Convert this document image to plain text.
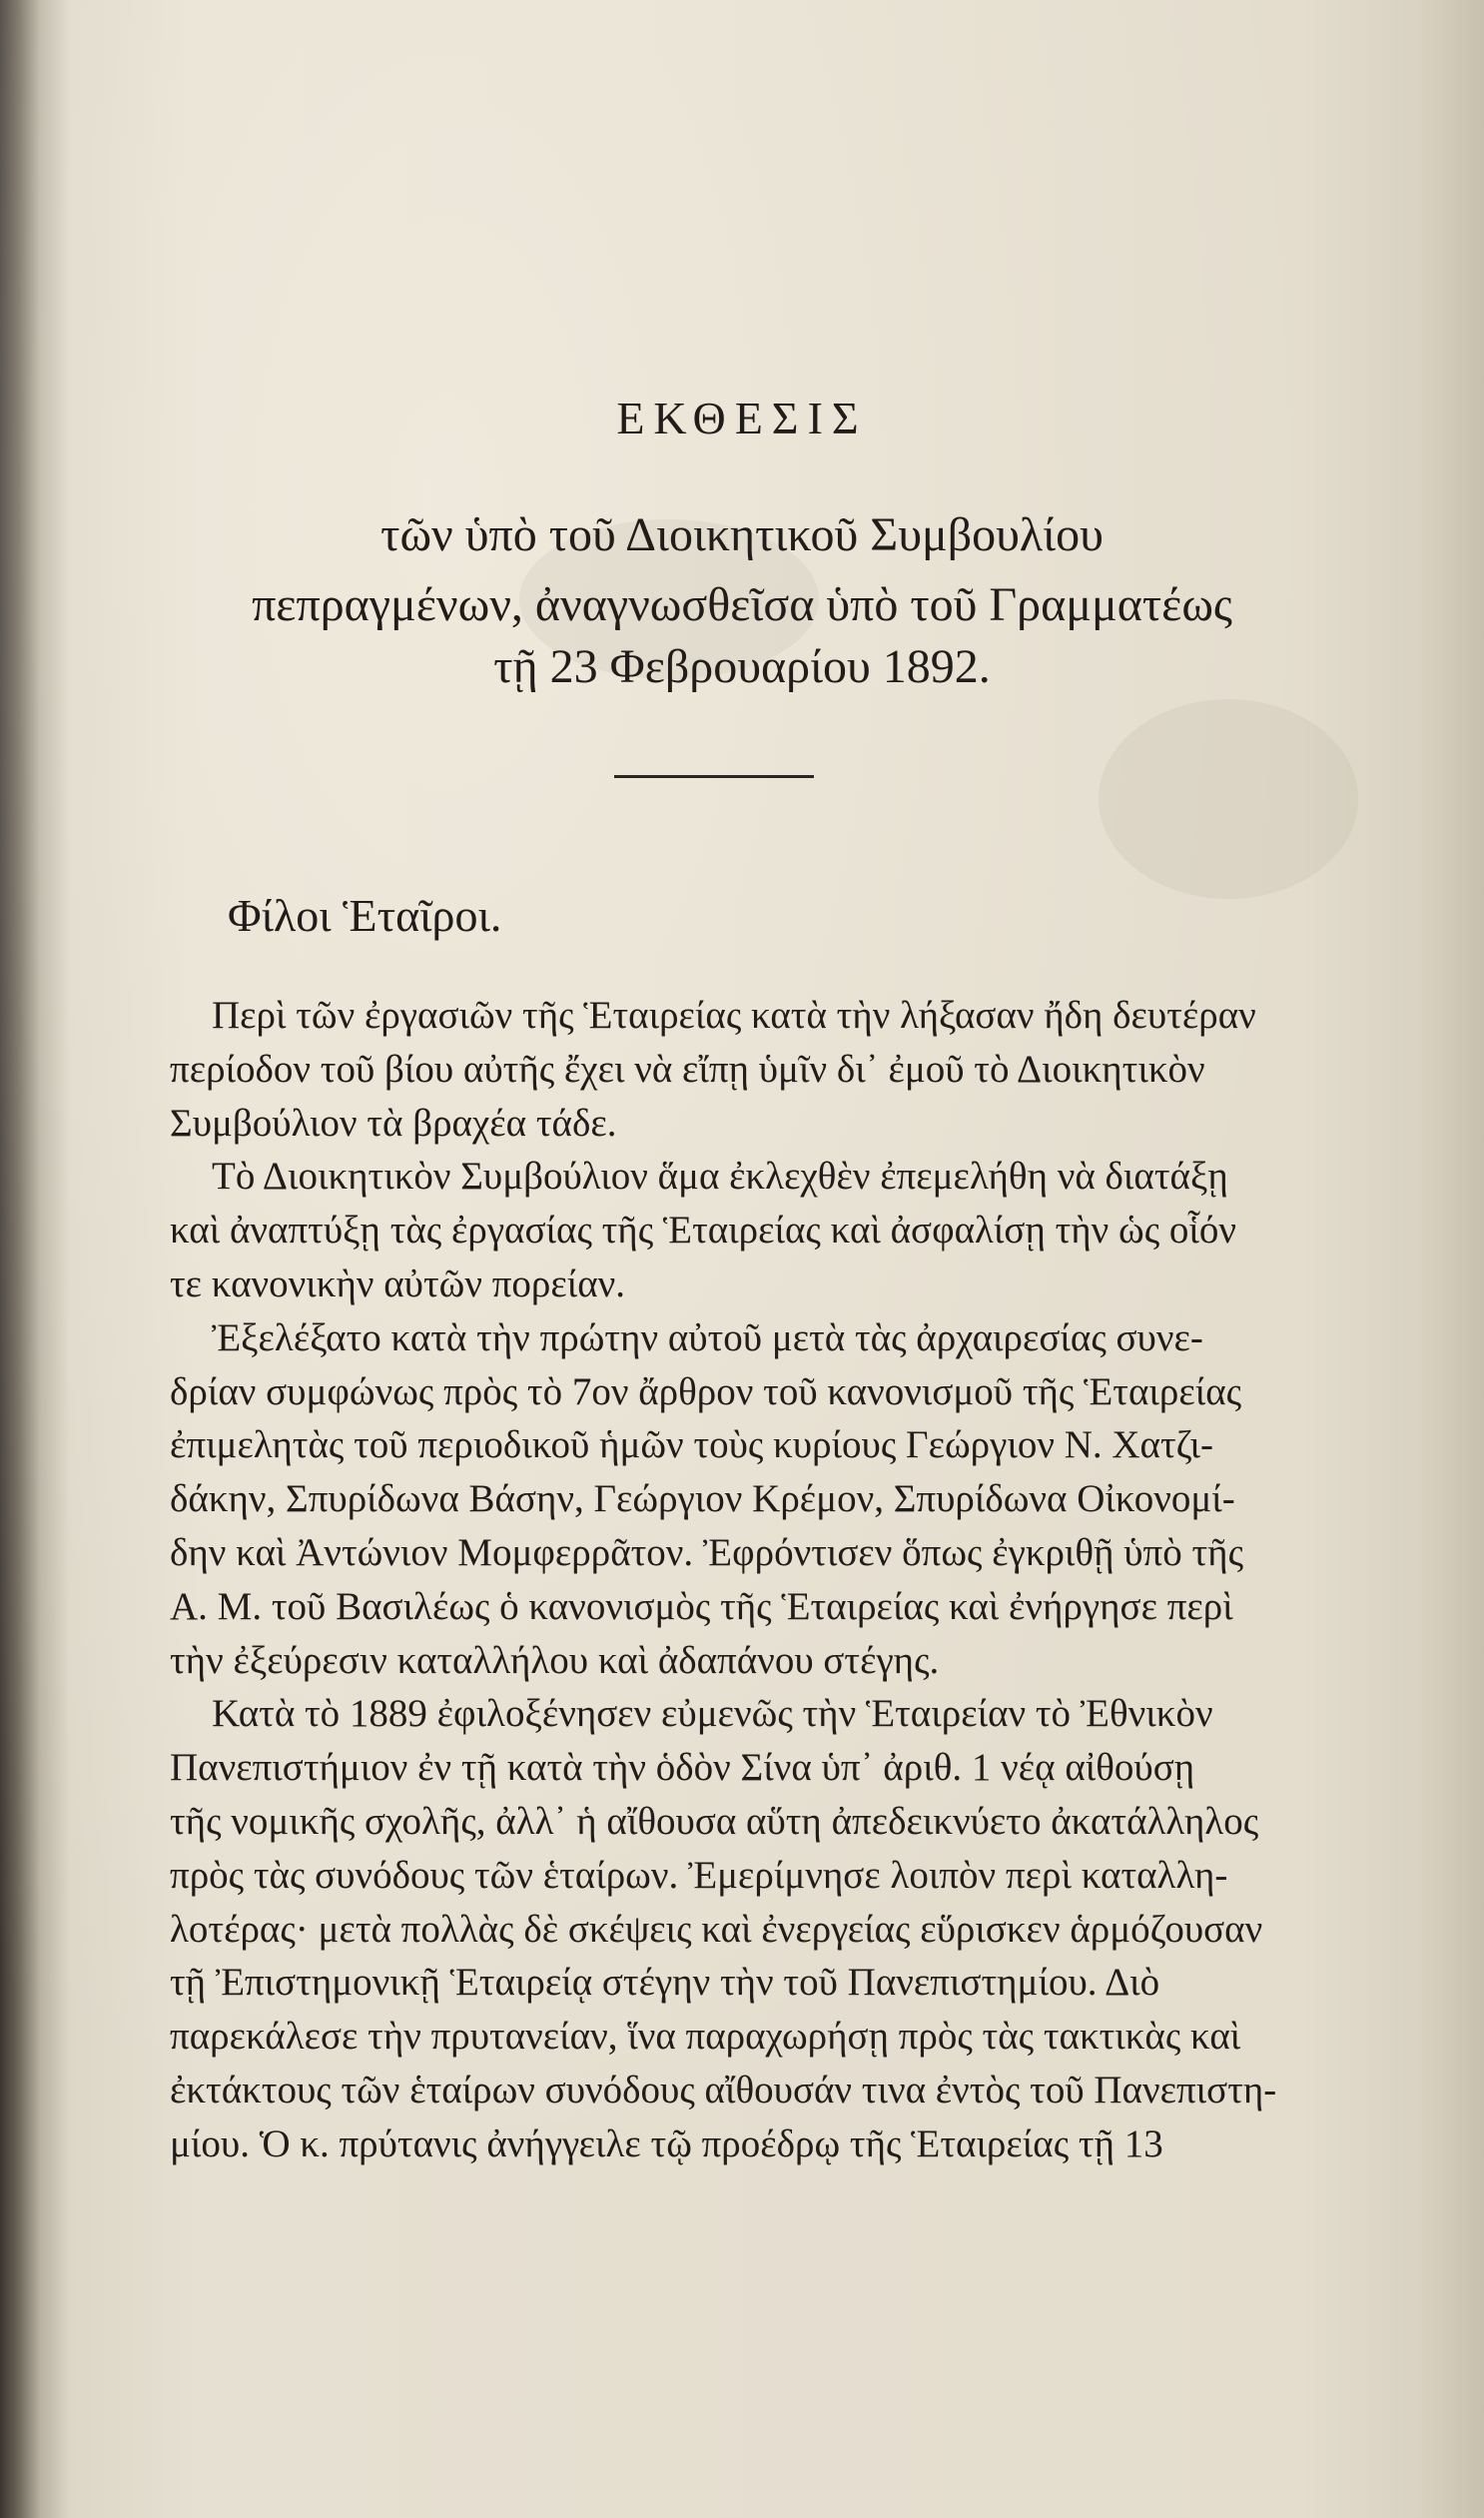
ΕΚΘΕΣΙΣ
τῶν ὑπὸ τοῦ Διοικητικοῦ Συμβουλίου
πεπραγμένων, ἀναγνωσθεῖσα ὑπὸ τοῦ Γραμματέως
τῇ 23 Φεβρουαρίου 1892.
Φίλοι Ἑταῖροι.
Περὶ τῶν ἐργασιῶν τῆς Ἑταιρείας κατὰ τὴν λήξασαν ἤδη δευτέραν
περίοδον τοῦ βίου αὐτῆς ἔχει νὰ εἴπῃ ὑμῖν δι᾽ ἐμοῦ τὸ Διοικητικὸν
Συμβούλιον τὰ βραχέα τάδε.
Τὸ Διοικητικὸν Συμβούλιον ἅμα ἐκλεχθὲν ἐπεμελήθη νὰ διατάξῃ
καὶ ἀναπτύξῃ τὰς ἐργασίας τῆς Ἑταιρείας καὶ ἀσφαλίσῃ τὴν ὡς οἷόν
τε κανονικὴν αὐτῶν πορείαν.
Ἐξελέξατο κατὰ τὴν πρώτην αὐτοῦ μετὰ τὰς ἀρχαιρεσίας συνε-
δρίαν συμφώνως πρὸς τὸ 7ον ἄρθρον τοῦ κανονισμοῦ τῆς Ἑταιρείας
ἐπιμελητὰς τοῦ περιοδικοῦ ἡμῶν τοὺς κυρίους Γεώργιον Ν. Χατζι-
δάκην, Σπυρίδωνα Βάσην, Γεώργιον Κρέμον, Σπυρίδωνα Οἰκονομί-
δην καὶ Ἀντώνιον Μομφερρᾶτον. Ἐφρόντισεν ὅπως ἐγκριθῇ ὑπὸ τῆς
Α. Μ. τοῦ Βασιλέως ὁ κανονισμὸς τῆς Ἑταιρείας καὶ ἐνήργησε περὶ
τὴν ἐξεύρεσιν καταλλήλου καὶ ἀδαπάνου στέγης.
Κατὰ τὸ 1889 ἐφιλοξένησεν εὐμενῶς τὴν Ἑταιρείαν τὸ Ἐθνικὸν
Πανεπιστήμιον ἐν τῇ κατὰ τὴν ὁδὸν Σίνα ὑπ᾽ ἀριθ. 1 νέᾳ αἰθούσῃ
τῆς νομικῆς σχολῆς, ἀλλ᾽ ἡ αἴθουσα αὕτη ἀπεδεικνύετο ἀκατάλληλος
πρὸς τὰς συνόδους τῶν ἑταίρων. Ἐμερίμνησε λοιπὸν περὶ καταλλη-
λοτέρας· μετὰ πολλὰς δὲ σκέψεις καὶ ἐνεργείας εὕρισκεν ἁρμόζουσαν
τῇ Ἐπιστημονικῇ Ἑταιρείᾳ στέγην τὴν τοῦ Πανεπιστημίου. Διὸ
παρεκάλεσε τὴν πρυτανείαν, ἵνα παραχωρήσῃ πρὸς τὰς τακτικὰς καὶ
ἐκτάκτους τῶν ἑταίρων συνόδους αἴθουσάν τινα ἐντὸς τοῦ Πανεπιστη-
μίου. Ὁ κ. πρύτανις ἀνήγγειλε τῷ προέδρῳ τῆς Ἑταιρείας τῇ 13
